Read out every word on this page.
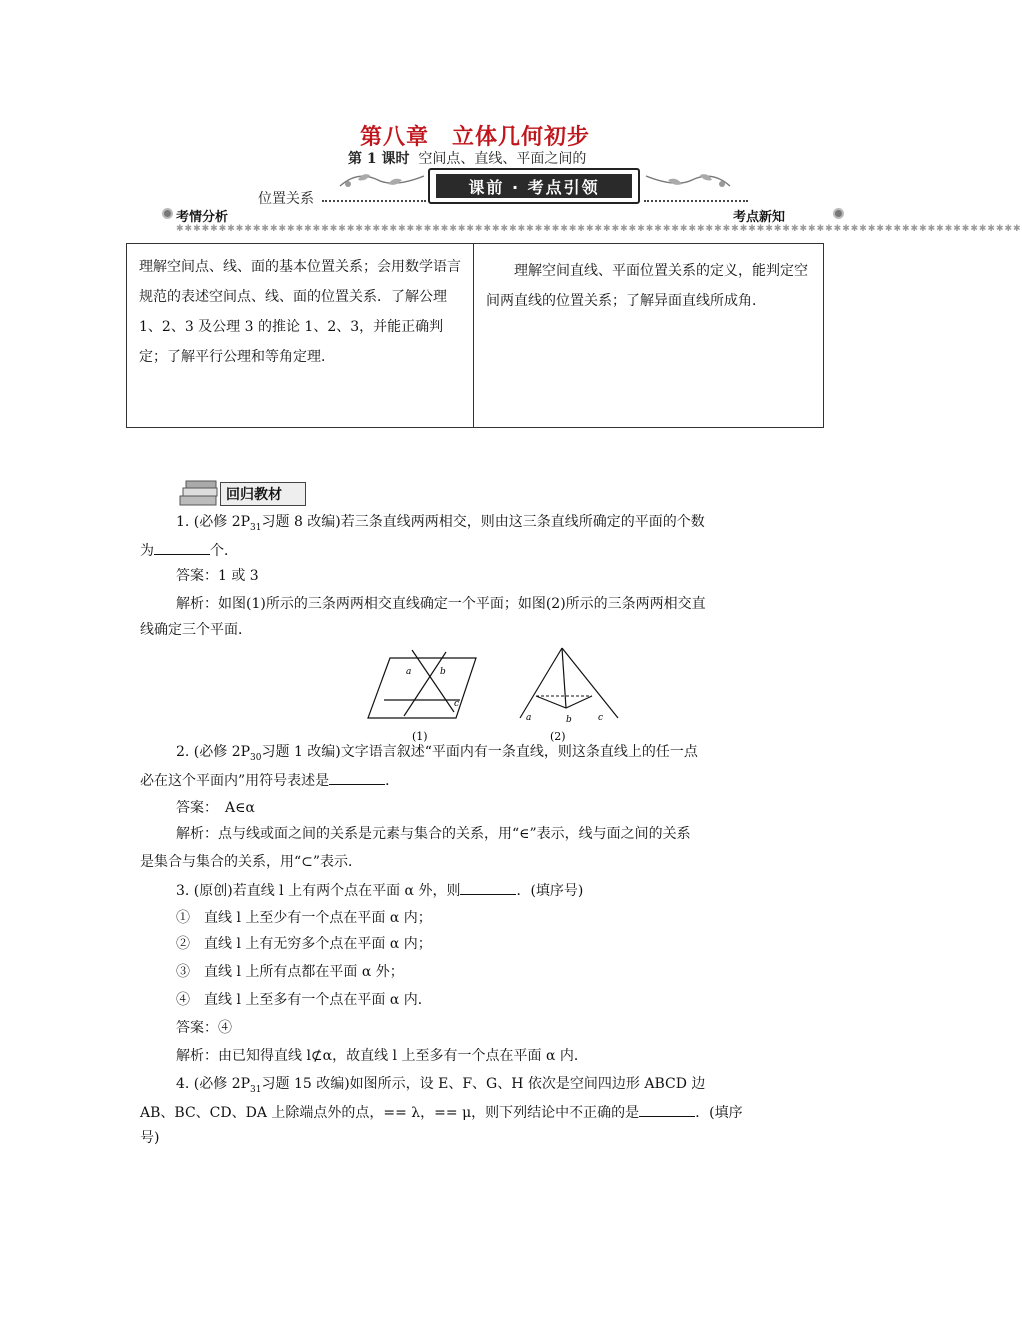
第八章　立体几何初步
第 1 课时 空间点、直线、平面之间的
位置关系
课前 · 考点引领
考情分析	考点新知
✱✱✱✱✱✱✱✱✱✱✱✱✱✱✱✱✱✱✱✱✱✱✱✱✱✱✱✱✱✱✱✱✱✱✱✱✱✱✱✱✱✱✱✱✱✱✱✱✱✱✱✱✱✱✱✱✱✱✱✱✱✱✱✱✱✱✱✱✱✱✱✱✱✱✱✱✱✱✱✱✱✱✱✱✱✱✱✱✱✱✱✱✱✱✱✱✱✱✱
理解空间点、线、面的基本位置关系；会用数学语言规范的表述空间点、线、面的位置关系．了解公理 1、2、3 及公理 3 的推论 1、2、3，并能正确判定；了解平行公理和等角定理．	
理解空间直线、平面位置关系的定义，能判定空间两直线的位置关系；了解异面直线所成角．
回归教材
1. (必修 $2P_{31}$习题 8 改编)若三条直线两两相交，则由这三条直线所确定的平面的个数
为	个．
答案：1 或 3
解析：如图(1)所示的三条两两相交直线确定一个平面；如图(2)所示的三条两两相交直
线确定三个平面．
a	b
c
(1)
a	b	c
(2)
2. (必修 $2P_{30}$习题 1 改编)文字语言叙述“平面内有一条直线，则这条直线上的任一点
必在这个平面内”用符号表述是	．
答案：　A∈α
解析：点与线或面之间的关系是元素与集合的关系，用“∈”表示，线与面之间的关系
是集合与集合的关系，用“⊂”表示．
3. (原创)若直线 l 上有两个点在平面 α 外，则	．(填序号)
①　直线 l 上至少有一个点在平面 α 内；
②　直线 l 上有无穷多个点在平面 α 内；
③　直线 l 上所有点都在平面 α 外；
④　直线 l 上至多有一个点在平面 α 内．
答案：④
解析：由已知得直线 l⊄α，故直线 l 上至多有一个点在平面 α 内．
4. (必修 $2P_{31}$习题 15 改编)如图所示，设 E、F、G、H 依次是空间四边形 ABCD 边
AB、BC、CD、DA 上除端点外的点，== λ，== μ，则下列结论中不正确的是	．(填序
号)
